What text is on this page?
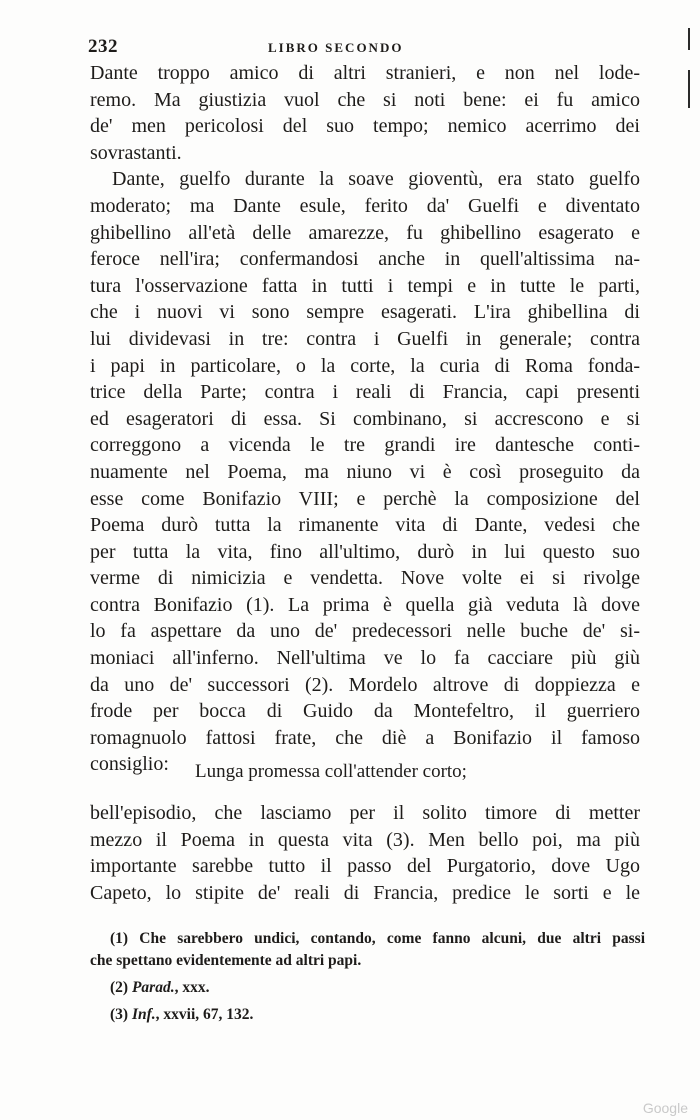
232	LIBRO SECONDO
Dante troppo amico di altri stranieri, e non nel lode-
remo. Ma giustizia vuol che si noti bene: ei fu amico
de' men pericolosi del suo tempo; nemico acerrimo dei
sovrastanti.
Dante, guelfo durante la soave gioventù, era stato guelfo
moderato; ma Dante esule, ferito da' Guelfi e diventato
ghibellino all'età delle amarezze, fu ghibellino esagerato e
feroce nell'ira; confermandosi anche in quell'altissima na-
tura l'osservazione fatta in tutti i tempi e in tutte le parti,
che i nuovi vi sono sempre esagerati. L'ira ghibellina di
lui dividevasi in tre: contra i Guelfi in generale; contra
i papi in particolare, o la corte, la curia di Roma fonda-
trice della Parte; contra i reali di Francia, capi presenti
ed esageratori di essa. Si combinano, si accrescono e si
correggono a vicenda le tre grandi ire dantesche conti-
nuamente nel Poema, ma niuno vi è così proseguito da
esse come Bonifazio VIII; e perchè la composizione del
Poema durò tutta la rimanente vita di Dante, vedesi che
per tutta la vita, fino all'ultimo, durò in lui questo suo
verme di nimicizia e vendetta. Nove volte ei si rivolge
contra Bonifazio (1). La prima è quella già veduta là dove
lo fa aspettare da uno de' predecessori nelle buche de' si-
moniaci all'inferno. Nell'ultima ve lo fa cacciare più giù
da uno de' successori (2). Mordelo altrove di doppiezza e
frode per bocca di Guido da Montefeltro, il guerriero
romagnuolo fattosi frate, che diè a Bonifazio il famoso
consiglio:	Lunga promessa coll'attender corto;
bell'episodio, che lasciamo per il solito timore di metter
mezzo il Poema in questa vita (3). Men bello poi, ma più
importante sarebbe tutto il passo del Purgatorio, dove Ugo
Capeto, lo stipite de' reali di Francia, predice le sorti e le
(1) Che sarebbero undici, contando, come fanno alcuni, due altri passi
che spettano evidentemente ad altri papi.
(2) Parad., xxx.
(3) Inf., xxvii, 67, 132.
Google
